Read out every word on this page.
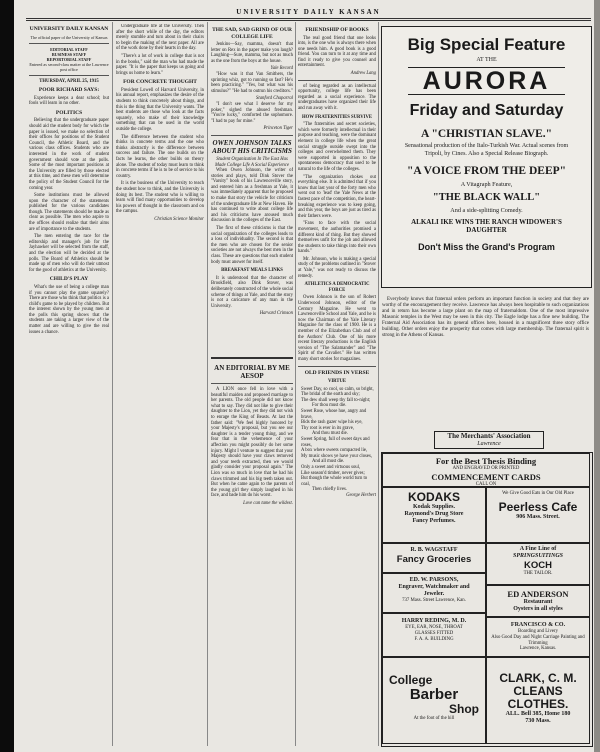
UNIVERSITY DAILY KANSAN
UNIVERSITY DAILY KANSAN
The official paper of the University of Kansas
EDITORIAL STAFF
BUSINESS STAFF
REPORTORIAL STAFF
Entered as second-class matter at the Lawrence post office
THURSDAY, APRIL 25, 1915
POOR RICHARD SAYS:

Experience keeps a dear school; but fools will learn in no other.

POLITICS

Believing that the undergraduate paper should aid the student body for which the paper is issued, we make no selection of their offices for positions of the Student Council, the Athletic Board, and the various class offices. Students who are interested in the work of student government should vote at the polls. Some of the most important positions at the University are filled by those elected at this time, and these men will determine the policy of the Student Council for the coming year.

Some institutions must be allowed upon the character of the statements published for the various candidates though. The statements should be made as clear as possible. The men who aspire to the offices should realize that their aims are of importance to the students.

The men entering the race for the editorship and manager's job for the Jayhawker will be selected from the staff, and the election will be decided at the polls. The Board of Athletics should be made up of men who will do their utmost for the good of athletics at the University.

CHILD'S PLAY

What's the use of being a college man if you cannot play the game squarely? There are those who think that politics is a child's game to be played by children. But the interest shown by the young men at the polls this spring shows that the students are taking a larger view of the matter and are willing to give the real issues a chance.

Undergraduate life at the University. Then after the short while of the day, the editors merely stumble and turn about in their chairs to begin the making of the next paper. All are of the work done by their hearts in the day.

"There's a lot of work in college that is not in the books," said the man who had made the paper. "It is the paper that keeps us going and brings us home to learn."

FOR CONCRETE THOUGHT

President Lowell of Harvard University, in his annual report, emphasizes the desire of the students to think concretely about things, and this is the thing that the University wants. The best students are those who look at the facts squarely, who make of their knowledge something that can be used in the world outside the college.

The difference between the student who thinks in concrete terms and the one who thinks abstractly is the difference between success and failure. The one builds on the facts he learns, the other builds on theory alone. The student of today must learn to think in concrete terms if he is to be of service to his country.

It is the business of the University to teach the student how to think, and the University is doing its best. The student who is willing to learn will find many opportunities to develop his powers of thought in the classroom and on the campus.

Christian Science Monitor
THE SAD, SAD GRIND OF OUR COLLEGE LIFE

Jenkins—Say, mamma, doesn't that letter on Rex in the paper make you laugh? Laughing—Sure, mamma, but not as much as the one from the boys at the house.

Yale Record

"How was it that Van Smithers, the sprinting whiz, got to running so fast? He's been practicing." "Yes, but what was his stimulus?" "He had to outrun his creditors."

Stanford Chaparral

"I don't see what I deserve for my poker," sighed the abused freshman. "You're lucky," comforted the sophomore. "I had to pay for mine."

Princeton Tiger
OWEN JOHNSON TALKS ABOUT HIS CRITICISMS
Student Organization In The East Has Made College Life A Social Experience

When Owen Johnson, the writer of stories and plays, told Dink Stover the "Varsity" book of his Lawrenceville story, and entered him as a freshman at Yale, it was immediately apparent that he proposed to make that story the vehicle for criticism of the undergraduate life at New Haven. He has continued to write about college life and his criticisms have aroused much discussion in the colleges of the East.

The first of these criticisms is that the social organization of the colleges leads to a loss of individuality. The second is that the men who are chosen for the senior societies are not always the best men in the class. These are questions that each student body must answer for itself.

BREAKFAST MEALS LINKS

It is understood that the character of Brookfield, also Dink Stover, was deliberately constructed of the whole social scheme of things at Yale, and that the story is not a caricature of any man in the University.

Harvard Crimson
AN EDITORIAL BY ME AESOP

A LION once fell in love with a beautiful maiden and proposed marriage to her parents. The old people did not know what to say. They did not like to give their daughter to the Lion, yet they did not wish to enrage the King of Beasts. At last the father said: "We feel highly honored by your Majesty's proposal, but you see our daughter is a tender young thing, and we fear that in the vehemence of your affection you might possibly do her some injury. Might I venture to suggest that your Majesty should have your claws removed and your teeth extracted, then we would gladly consider your proposal again." The Lion was so much in love that he had his claws trimmed and his big teeth taken out. But when he came again to the parents of the young girl they simply laughed in his face, and bade him do his worst.

Love can tame the wildest.
FRIENDSHIP OF BOOKS

The real good friend that one looks into, is the one who is always there when one needs him. A good book is a good friend. You can turn to it at any time and find it ready to give you counsel and entertainment.

Andrew Lang

of being regarded as an intellectual opportunity, college life has been regarded as a social experience. The undergraduates have organized their life and run away with it.

HOW FRATERNITIES SURVIVE

"The fraternities and secret societies, which were formerly intellectual in their purpose and teaching, were the dominant element in college life when the great social struggle outside swept into the colleges and overwhelmed them. They were supported in opposition to the spontaneous democracy that used to be natural to the life of the colleges.

"The organization chokes out everything else. It is admitted that if you know that last year of the forty men who went out to 'lead' the Yale News at the fastest pace of the competition, the heart-breaking experience was to keep going, and this year, the boys are just as tired as their fathers were.

"Fans to face with the social movement, the authorities promised a different kind of thing. But they showed themselves unfit for the job and allowed the students to take things into their own hands."

Mr. Johnson, who is making a special study of the problems outlined in "Stover at Yale," was not ready to discuss the remedy.

ATHLETICS A DEMOCRATIC FORCE

Owen Johnson is the son of Robert Underwood Johnson, editor of the Century Magazine. He went to Lawrenceville School and Yale, and he is now the Chairman of the Yale Literary Magazine for the class of 1900. He is a member of the Elizabethan Club and of the Authors' Club. One of his more recent literary productions is the English version of "The Salamander" and "The Spirit of the Cavalier." He has written many short stories for magazines.

OLD FRIENDS IN VERSE
VIRTUE
Sweet Day, so cool, so calm, so bright,
The bridal of the earth and sky;
The dew shall weep thy fall to-night;
For thou must die.
Sweet Rose, whose hue, angry and brave,
Bids the rash gazer wipe his eye,
Thy root is ever in its grave,
And thou must die.
Sweet Spring, full of sweet days and roses,
A box where sweets compacted lie,
My music shows ye have your closes,
And all must die.
Only a sweet and virtuous soul,
Like season'd timber, never gives;
But though the whole world turn to coal,
Then chiefly lives.
George Herbert
Big Special Feature
AT THE
AURORA
Friday and Saturday
A "CHRISTIAN SLAVE."
Sensational production of the Italo-Turkish War. Actual scenes from Tripoli, by Cines. Also a Special Release Biograph.
"A VOICE FROM THE DEEP"
A Vitagraph Feature,
"THE BLACK WALL"
And a side-splitting Comedy.
ALKALI IKE WINS THE RANCH WIDOWER'S DAUGHTER
Don't Miss the Grand's Program

Everybody knows that fraternal orders perform an important function in society and that they are worthy of the encouragement they receive. Lawrence has always been hospitable to such organizations and in return has become a large plant on the map of fraternaldom. One of the most impressive Masonic temples in the West may be seen in this city. The Eagle lodge has a fine new building. The Fraternal Aid Association has its general offices here, housed in a magnificent three story office building. Other orders enjoy the prosperity that comes with large membership. The fraternal spirit is strong in the Athens of Kansas.

The Merchants' Association
Lawrence
For the Best Thesis Binding
AND ENGRAVED OR PRINTED
COMMENCEMENT CARDS
CALL ON
KODAKS
Kodak Supplies.
Raymond's Drug Store
Fancy Perfumes.
We Give Good Eats in Our Old Place
Peerless Cafe
906 Mass. Street.
R. B. WAGSTAFF
Fancy Groceries
A Fine Line of
SPRINGSUITINGS
KOCH
THE TAILOR.
ED. W. PARSONS,
Engraver, Watchmaker and
Jeweler.
737 Mass. Street Lawrence, Kan.
ED ANDERSON
Restaurant
Oysters in all styles
HARRY REDING, M. D.
EYE, EAR, NOSE, THROAT
GLASSES FITTED
F. A. A. BUILDING
FRANCISCO & CO.
Boarding and Livery
Also Good Day and Night Carriage Painting and Trimming
Lawrence, Kansas.
College
Barber
Shop
At the foot of the hill
CLARK, C. M.
CLEANS
CLOTHES.
ALL. Bell 385, Home 180
730 Mass.
